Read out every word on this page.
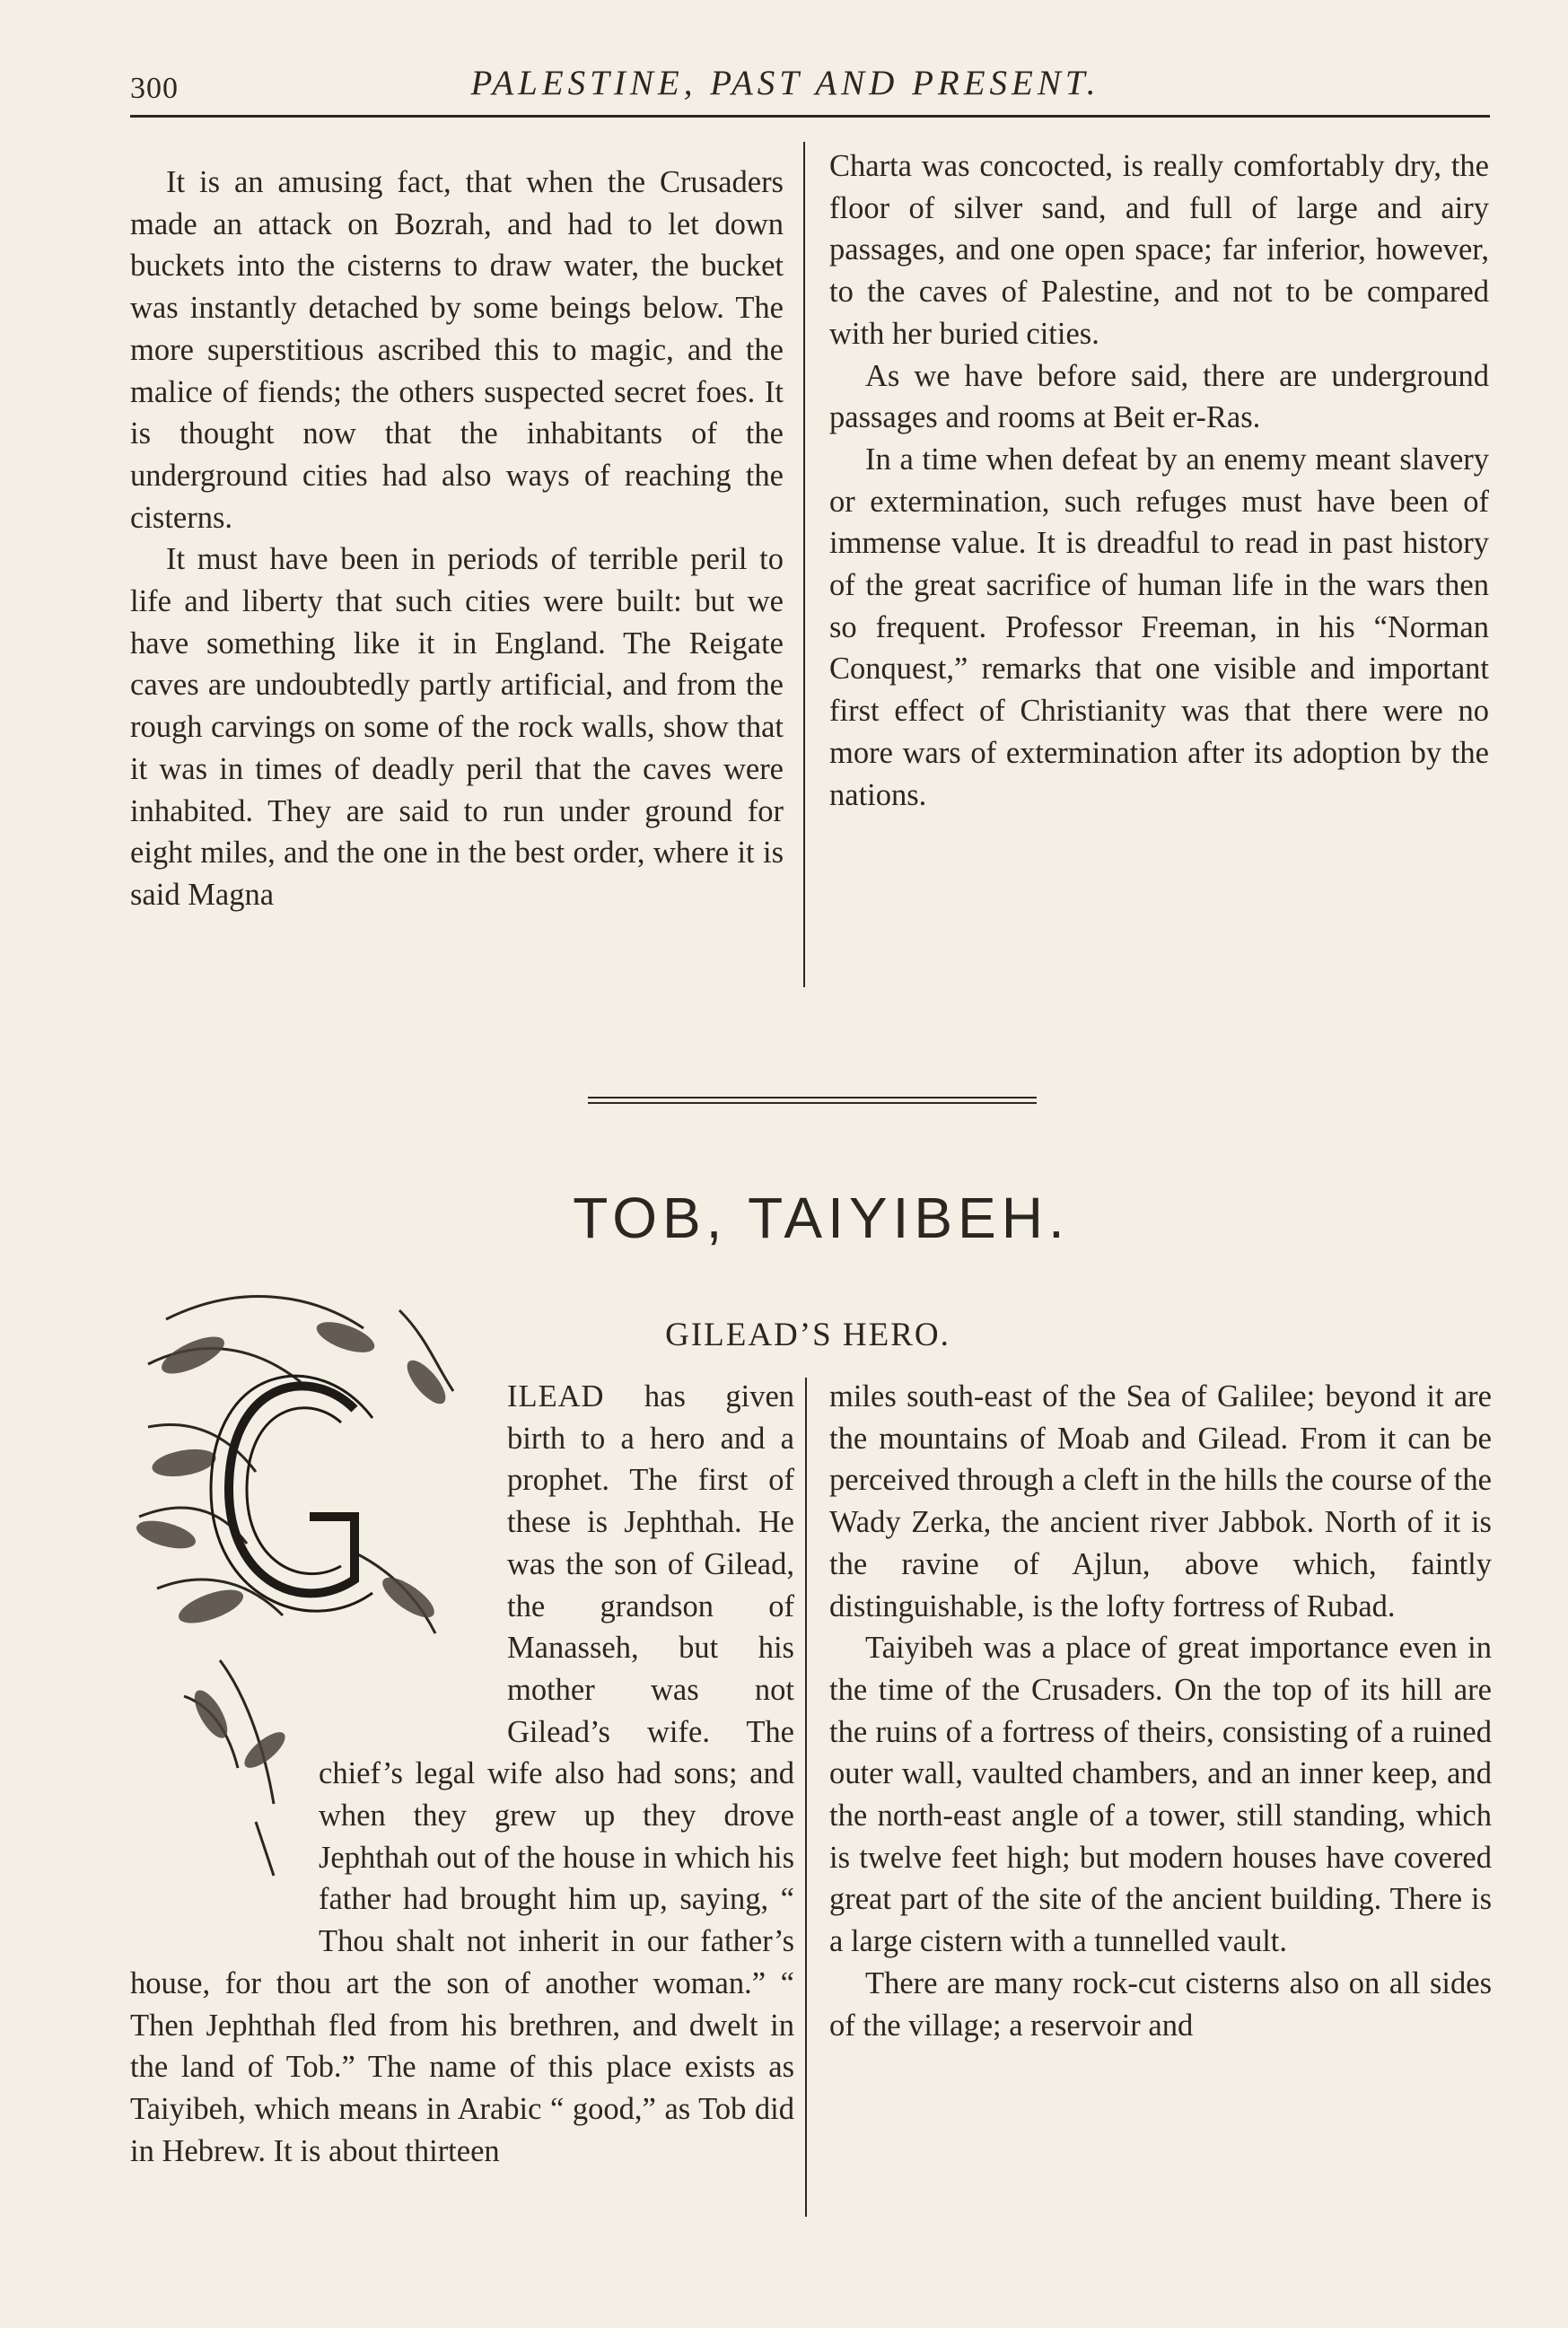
300	PALESTINE, PAST AND PRESENT.

It is an amusing fact, that when the Crusaders made an attack on Bozrah, and had to let down buckets into the cisterns to draw water, the bucket was instantly detached by some beings below. The more superstitious ascribed this to magic, and the malice of fiends; the others suspected secret foes. It is thought now that the inhabitants of the underground cities had also ways of reaching the cisterns.

It must have been in periods of terrible peril to life and liberty that such cities were built: but we have something like it in England. The Reigate caves are undoubtedly partly artificial, and from the rough carvings on some of the rock walls, show that it was in times of deadly peril that the caves were inhabited. They are said to run under ground for eight miles, and the one in the best order, where it is said Magna

Charta was concocted, is really comfortably dry, the floor of silver sand, and full of large and airy passages, and one open space; far inferior, however, to the caves of Palestine, and not to be compared with her buried cities.

As we have before said, there are underground passages and rooms at Beit er-Ras.

In a time when defeat by an enemy meant slavery or extermination, such refuges must have been of immense value. It is dreadful to read in past history of the great sacrifice of human life in the wars then so frequent. Professor Freeman, in his “Norman Conquest,” remarks that one visible and important first effect of Christianity was that there were no more wars of extermination after its adoption by the nations.

TOB, TAIYIBEH.
GILEAD’S HERO.

ILEAD has given birth to a hero and a prophet. The first of these is Jephthah. He was the son of Gilead, the grandson of Manasseh, but his mother was not Gilead’s wife. The chief’s legal wife also had sons; and when they grew up they drove Jephthah out of the house in which his father had brought him up, saying, “ Thou shalt not inherit in our father’s house, for thou art the son of another woman.” “ Then Jephthah fled from his brethren, and dwelt in the land of Tob.” The name of this place exists as Taiyibeh, which means in Arabic “ good,” as Tob did in Hebrew. It is about thirteen

miles south-east of the Sea of Galilee; beyond it are the mountains of Moab and Gilead. From it can be perceived through a cleft in the hills the course of the Wady Zerka, the ancient river Jabbok. North of it is the ravine of Ajlun, above which, faintly distinguishable, is the lofty fortress of Rubad.

Taiyibeh was a place of great importance even in the time of the Crusaders. On the top of its hill are the ruins of a fortress of theirs, consisting of a ruined outer wall, vaulted chambers, and an inner keep, and the north-east angle of a tower, still standing, which is twelve feet high; but modern houses have covered great part of the site of the ancient building. There is a large cistern with a tunnelled vault.

There are many rock-cut cisterns also on all sides of the village; a reservoir and
